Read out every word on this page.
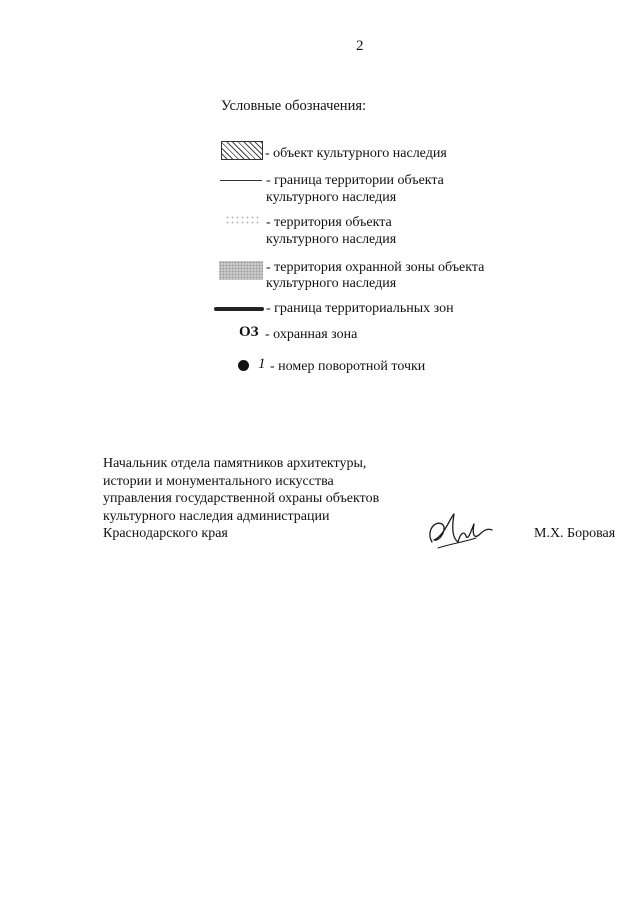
2
Условные обозначения:
- объект культурного наследия
- граница территории объекта
культурного наследия
- территория объекта
культурного наследия
- территория охранной зоны объекта
культурного наследия
- граница территориальных зон
ОЗ - охранная зона
1 - номер поворотной точки
Начальник отдела памятников архитектуры,
истории и монументального искусства
управления государственной охраны объектов
культурного наследия администрации
Краснодарского края	М.Х. Боровая
